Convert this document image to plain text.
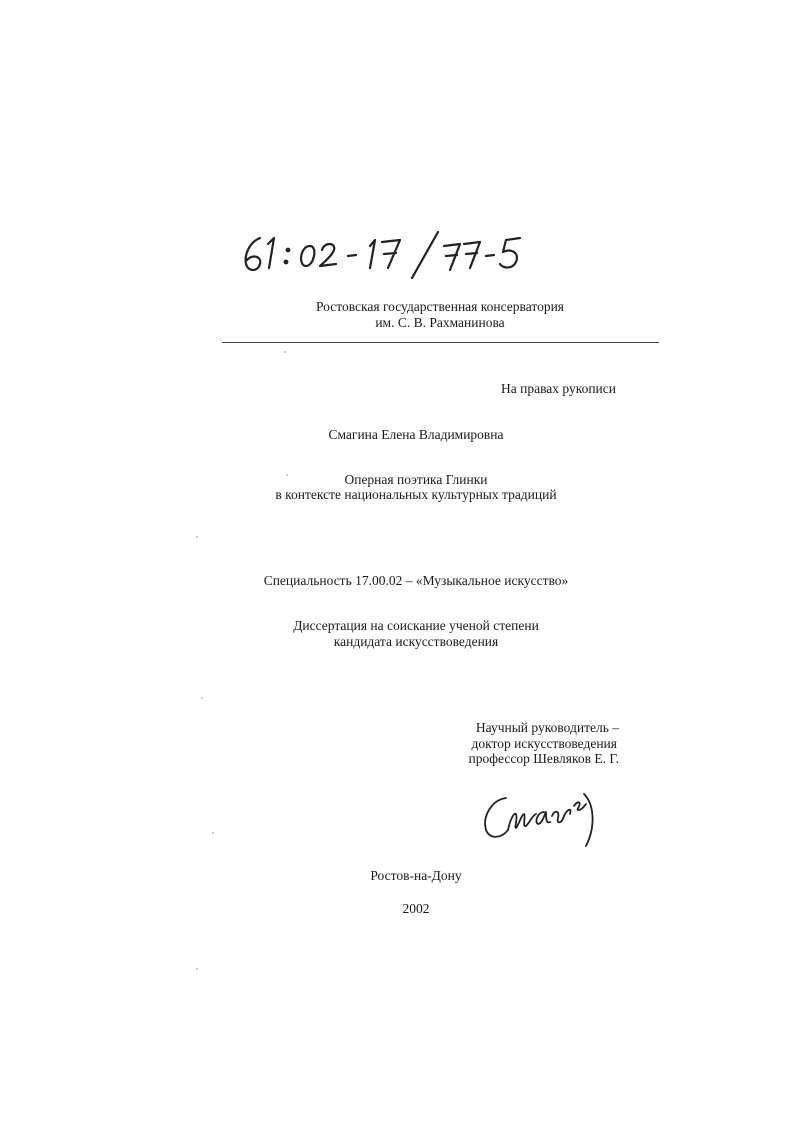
Ростовская государственная консерватория
им. С. В. Рахманинова
На правах рукописи
Смагина Елена Владимировна
Оперная поэтика Глинки
в контексте национальных культурных традиций
Специальность 17.00.02 – «Музыкальное искусство»
Диссертация на соискание ученой степени
кандидата искусствоведения
Научный руководитель –
доктор искусствоведения
профессор Шевляков Е. Г.
Ростов-на-Дону
2002
